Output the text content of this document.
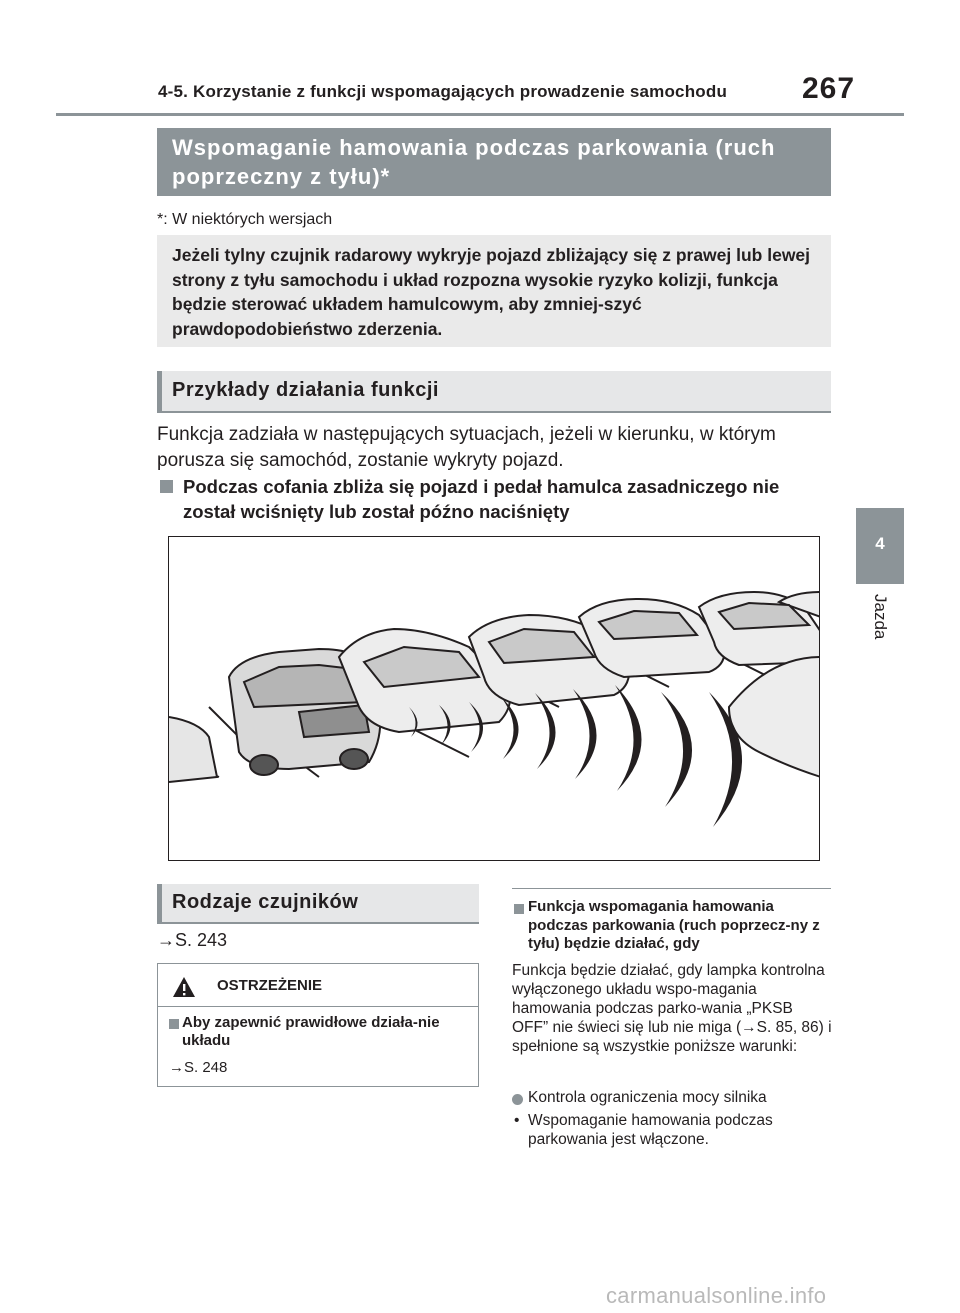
4-5. Korzystanie z funkcji wspomagających prowadzenie samochodu 267
4
Jazda
Wspomaganie hamowania podczas parkowania (ruch poprzeczny z tyłu)*
*: W niektórych wersjach
Jeżeli tylny czujnik radarowy wykryje pojazd zbliżający się z prawej lub lewej strony z tyłu samochodu i układ rozpozna wysokie ryzyko kolizji, funkcja będzie sterować układem hamulcowym, aby zmniej-szyć prawdopodobieństwo zderzenia.
Przykłady działania funkcji
Funkcja zadziała w następujących sytuacjach, jeżeli w kierunku, w którym porusza się samochód, zostanie wykryty pojazd.
Podczas cofania zbliża się pojazd i pedał hamulca zasadniczego nie został wciśnięty lub został późno naciśnięty
Rodzaje czujników
→S. 243
OSTRZEŻENIE
Aby zapewnić prawidłowe działa-nie układu
→S. 248
Funkcja wspomagania hamowania podczas parkowania (ruch poprzecz-ny z tyłu) będzie działać, gdy
Funkcja będzie działać, gdy lampka kontrolna wyłączonego układu wspo-magania hamowania podczas parko-wania „PKSB OFF” nie świeci się lub nie miga (→S. 85, 86) i spełnione są wszystkie poniższe warunki:
Kontrola ograniczenia mocy silnika
• Wspomaganie hamowania podczas parkowania jest włączone.
carmanualsonline.info
